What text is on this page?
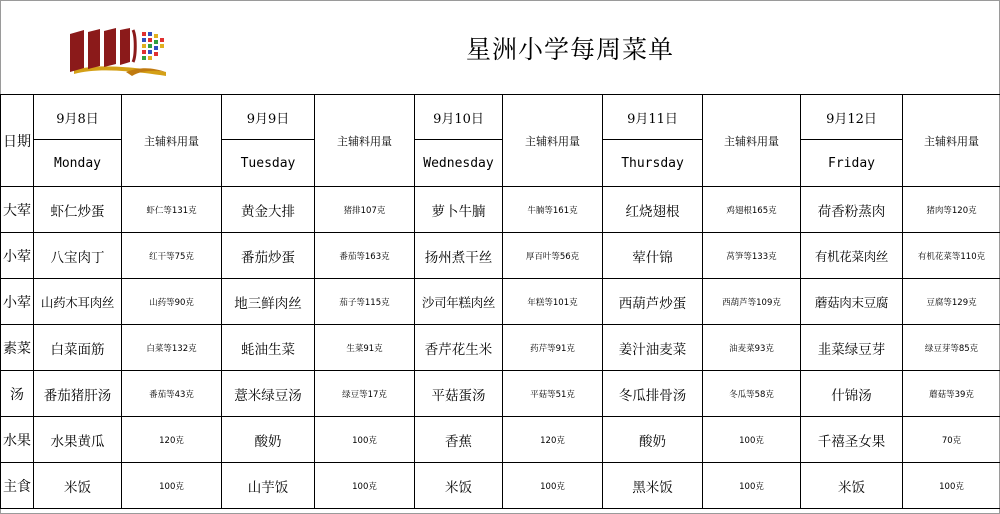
星洲小学每周菜单
日期	9月8日	主辅料用量	9月9日	主辅料用量	9月10日	主辅料用量	9月11日	主辅料用量	9月12日	主辅料用量
	Monday		Tuesday		Wednesday		Thursday		Friday	
大荤	虾仁炒蛋	虾仁等131克	黄金大排	猪排107克	萝卜牛腩	牛腩等161克	红烧翅根	鸡翅根165克	荷香粉蒸肉	猪肉等120克
小荤	八宝肉丁	红干等75克	番茄炒蛋	番茄等163克	扬州煮干丝	厚百叶等56克	荤什锦	莴笋等133克	有机花菜肉丝	有机花菜等110克
小荤	山药木耳肉丝	山药等90克	地三鲜肉丝	茄子等115克	沙司年糕肉丝	年糕等101克	西葫芦炒蛋	西葫芦等109克	蘑菇肉末豆腐	豆腐等129克
素菜	白菜面筋	白菜等132克	蚝油生菜	生菜91克	香芹花生米	药芹等91克	姜汁油麦菜	油麦菜93克	韭菜绿豆芽	绿豆芽等85克
汤	番茄猪肝汤	番茄等43克	薏米绿豆汤	绿豆等17克	平菇蛋汤	平菇等51克	冬瓜排骨汤	冬瓜等58克	什锦汤	蘑菇等39克
水果	水果黄瓜	120克	酸奶	100克	香蕉	120克	酸奶	100克	千禧圣女果	70克
主食	米饭	100克	山芋饭	100克	米饭	100克	黑米饭	100克	米饭	100克
